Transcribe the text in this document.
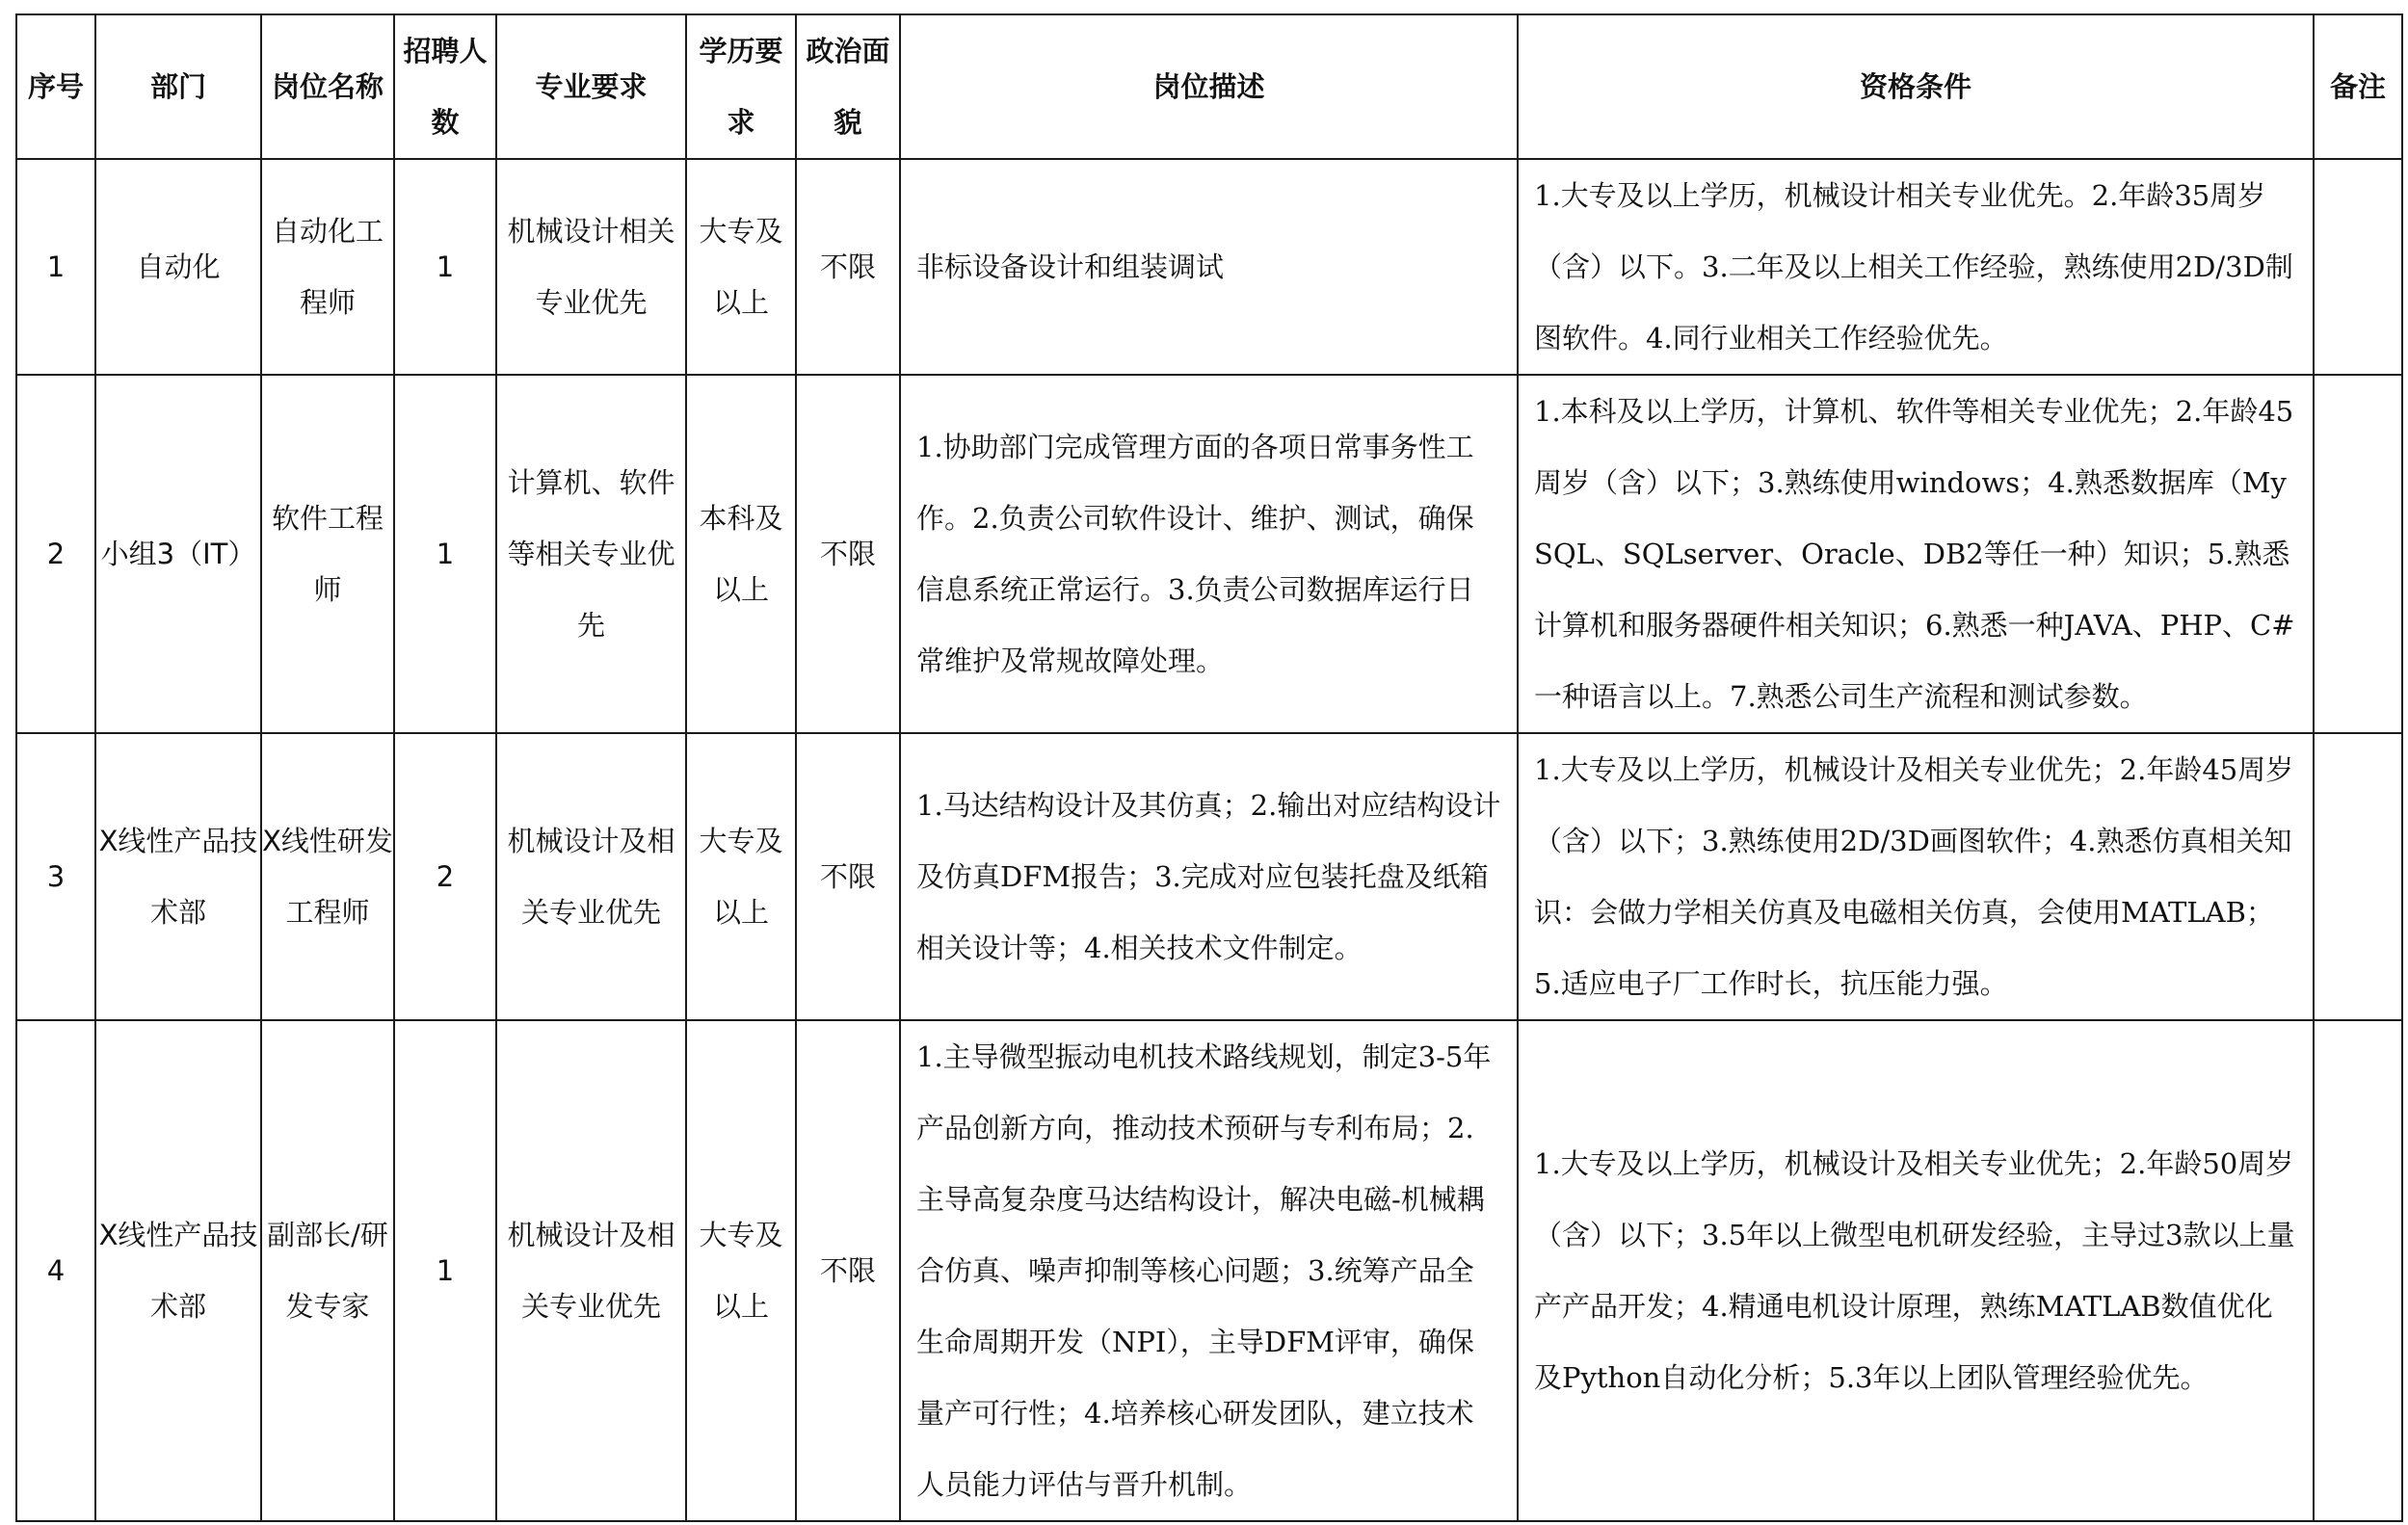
序号	部门	岗位名称	招聘人数	专业要求	学历要求	政治面貌	岗位描述	资格条件	备注
1	自动化	自动化工程师	1	机械设计相关专业优先	大专及以上	不限	非标设备设计和组装调试	1.大专及以上学历，机械设计相关专业优先。2.年龄35周岁（含）以下。3.二年及以上相关工作经验，熟练使用2D/3D制图软件。4.同行业相关工作经验优先。	
2	小组3（IT）	软件工程师	1	计算机、软件等相关专业优先	本科及以上	不限	1.协助部门完成管理方面的各项日常事务性工作。2.负责公司软件设计、维护、测试，确保信息系统正常运行。3.负责公司数据库运行日常维护及常规故障处理。	1.本科及以上学历，计算机、软件等相关专业优先；2.年龄45周岁（含）以下；3.熟练使用windows；4.熟悉数据库（MySQL、SQLserver、Oracle、DB2等任一种）知识；5.熟悉计算机和服务器硬件相关知识；6.熟悉一种JAVA、PHP、C#一种语言以上。7.熟悉公司生产流程和测试参数。	
3	X线性产品技术部	X线性研发工程师	2	机械设计及相关专业优先	大专及以上	不限	1.马达结构设计及其仿真；2.输出对应结构设计及仿真DFM报告；3.完成对应包装托盘及纸箱相关设计等；4.相关技术文件制定。	1.大专及以上学历，机械设计及相关专业优先；2.年龄45周岁（含）以下；3.熟练使用2D/3D画图软件；4.熟悉仿真相关知识：会做力学相关仿真及电磁相关仿真，会使用MATLAB；5.适应电子厂工作时长，抗压能力强。	
4	X线性产品技术部	副部长/研发专家	1	机械设计及相关专业优先	大专及以上	不限	1.主导微型振动电机技术路线规划，制定3-5年产品创新方向，推动技术预研与专利布局；2.主导高复杂度马达结构设计，解决电磁-机械耦合仿真、噪声抑制等核心问题；3.统筹产品全生命周期开发（NPI），主导DFM评审，确保量产可行性；4.培养核心研发团队，建立技术人员能力评估与晋升机制。	1.大专及以上学历，机械设计及相关专业优先；2.年龄50周岁（含）以下；3.5年以上微型电机研发经验，主导过3款以上量产产品开发；4.精通电机设计原理，熟练MATLAB数值优化及Python自动化分析；5.3年以上团队管理经验优先。	
